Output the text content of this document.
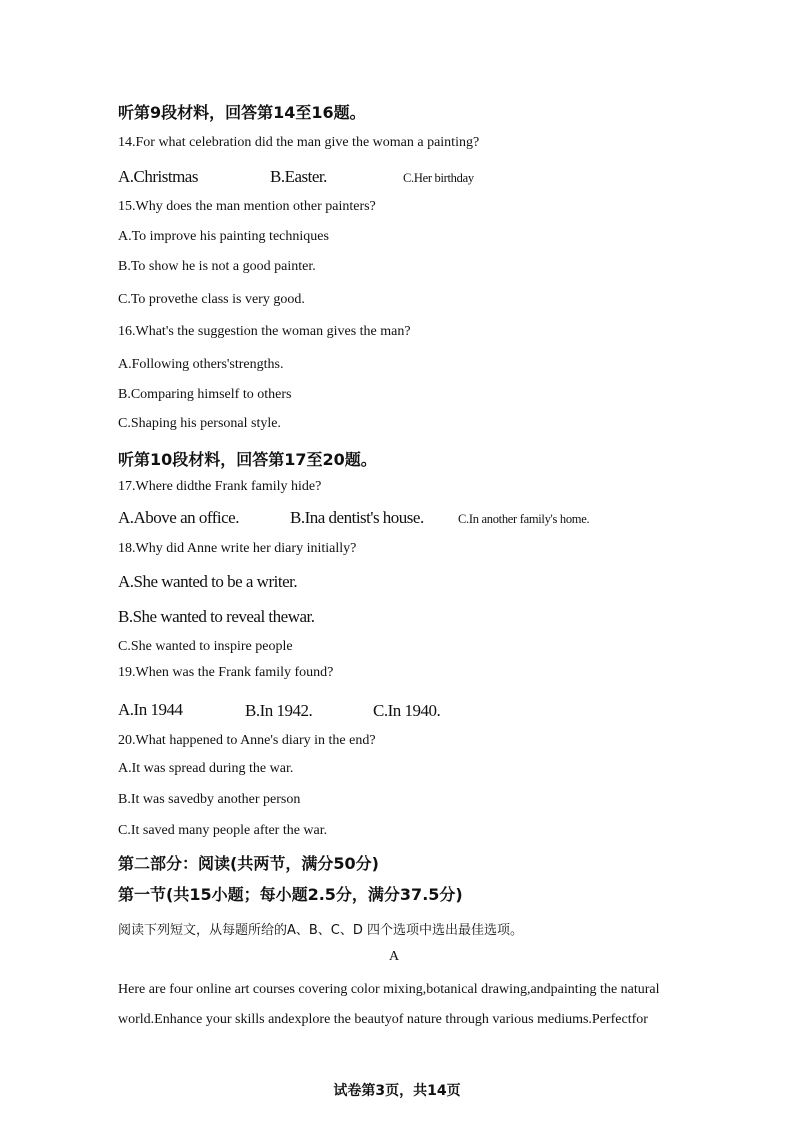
听第9段材料，回答第14至16题。
14.For what celebration did the man give the woman a painting?
A.Christmas	B.Easter.	C.Her birthday
15.Why does the man mention other painters?
A.To improve his painting techniques
B.To show he is not a good painter.
C.To provethe class is very good.
16.What's the suggestion the woman gives the man?
A.Following others'strengths.
B.Comparing himself to others
C.Shaping his personal style.
听第10段材料，回答第17至20题。
17.Where didthe Frank family hide?
A.Above an office.	B.Ina dentist's house.	C.In another family's home.
18.Why did Anne write her diary initially?
A.She wanted to be a writer.
B.She wanted to reveal thewar.
C.She wanted to inspire people
19.When was the Frank family found?
A.In 1944	B.In 1942.	C.In 1940.
20.What happened to Anne's diary in the end?
A.It was spread during the war.
B.It was savedby another person
C.It saved many people after the war.
第二部分：阅读(共两节，满分50分)
第一节(共15小题；每小题2.5分，满分37.5分)
阅读下列短文，从每题所给的A、B、C、D 四个选项中选出最佳选项。
A
Here are four online art courses covering color mixing,botanical drawing,andpainting the natural
world.Enhance your skills andexplore the beautyof nature through various mediums.Perfectfor
试卷第3页，共14页
